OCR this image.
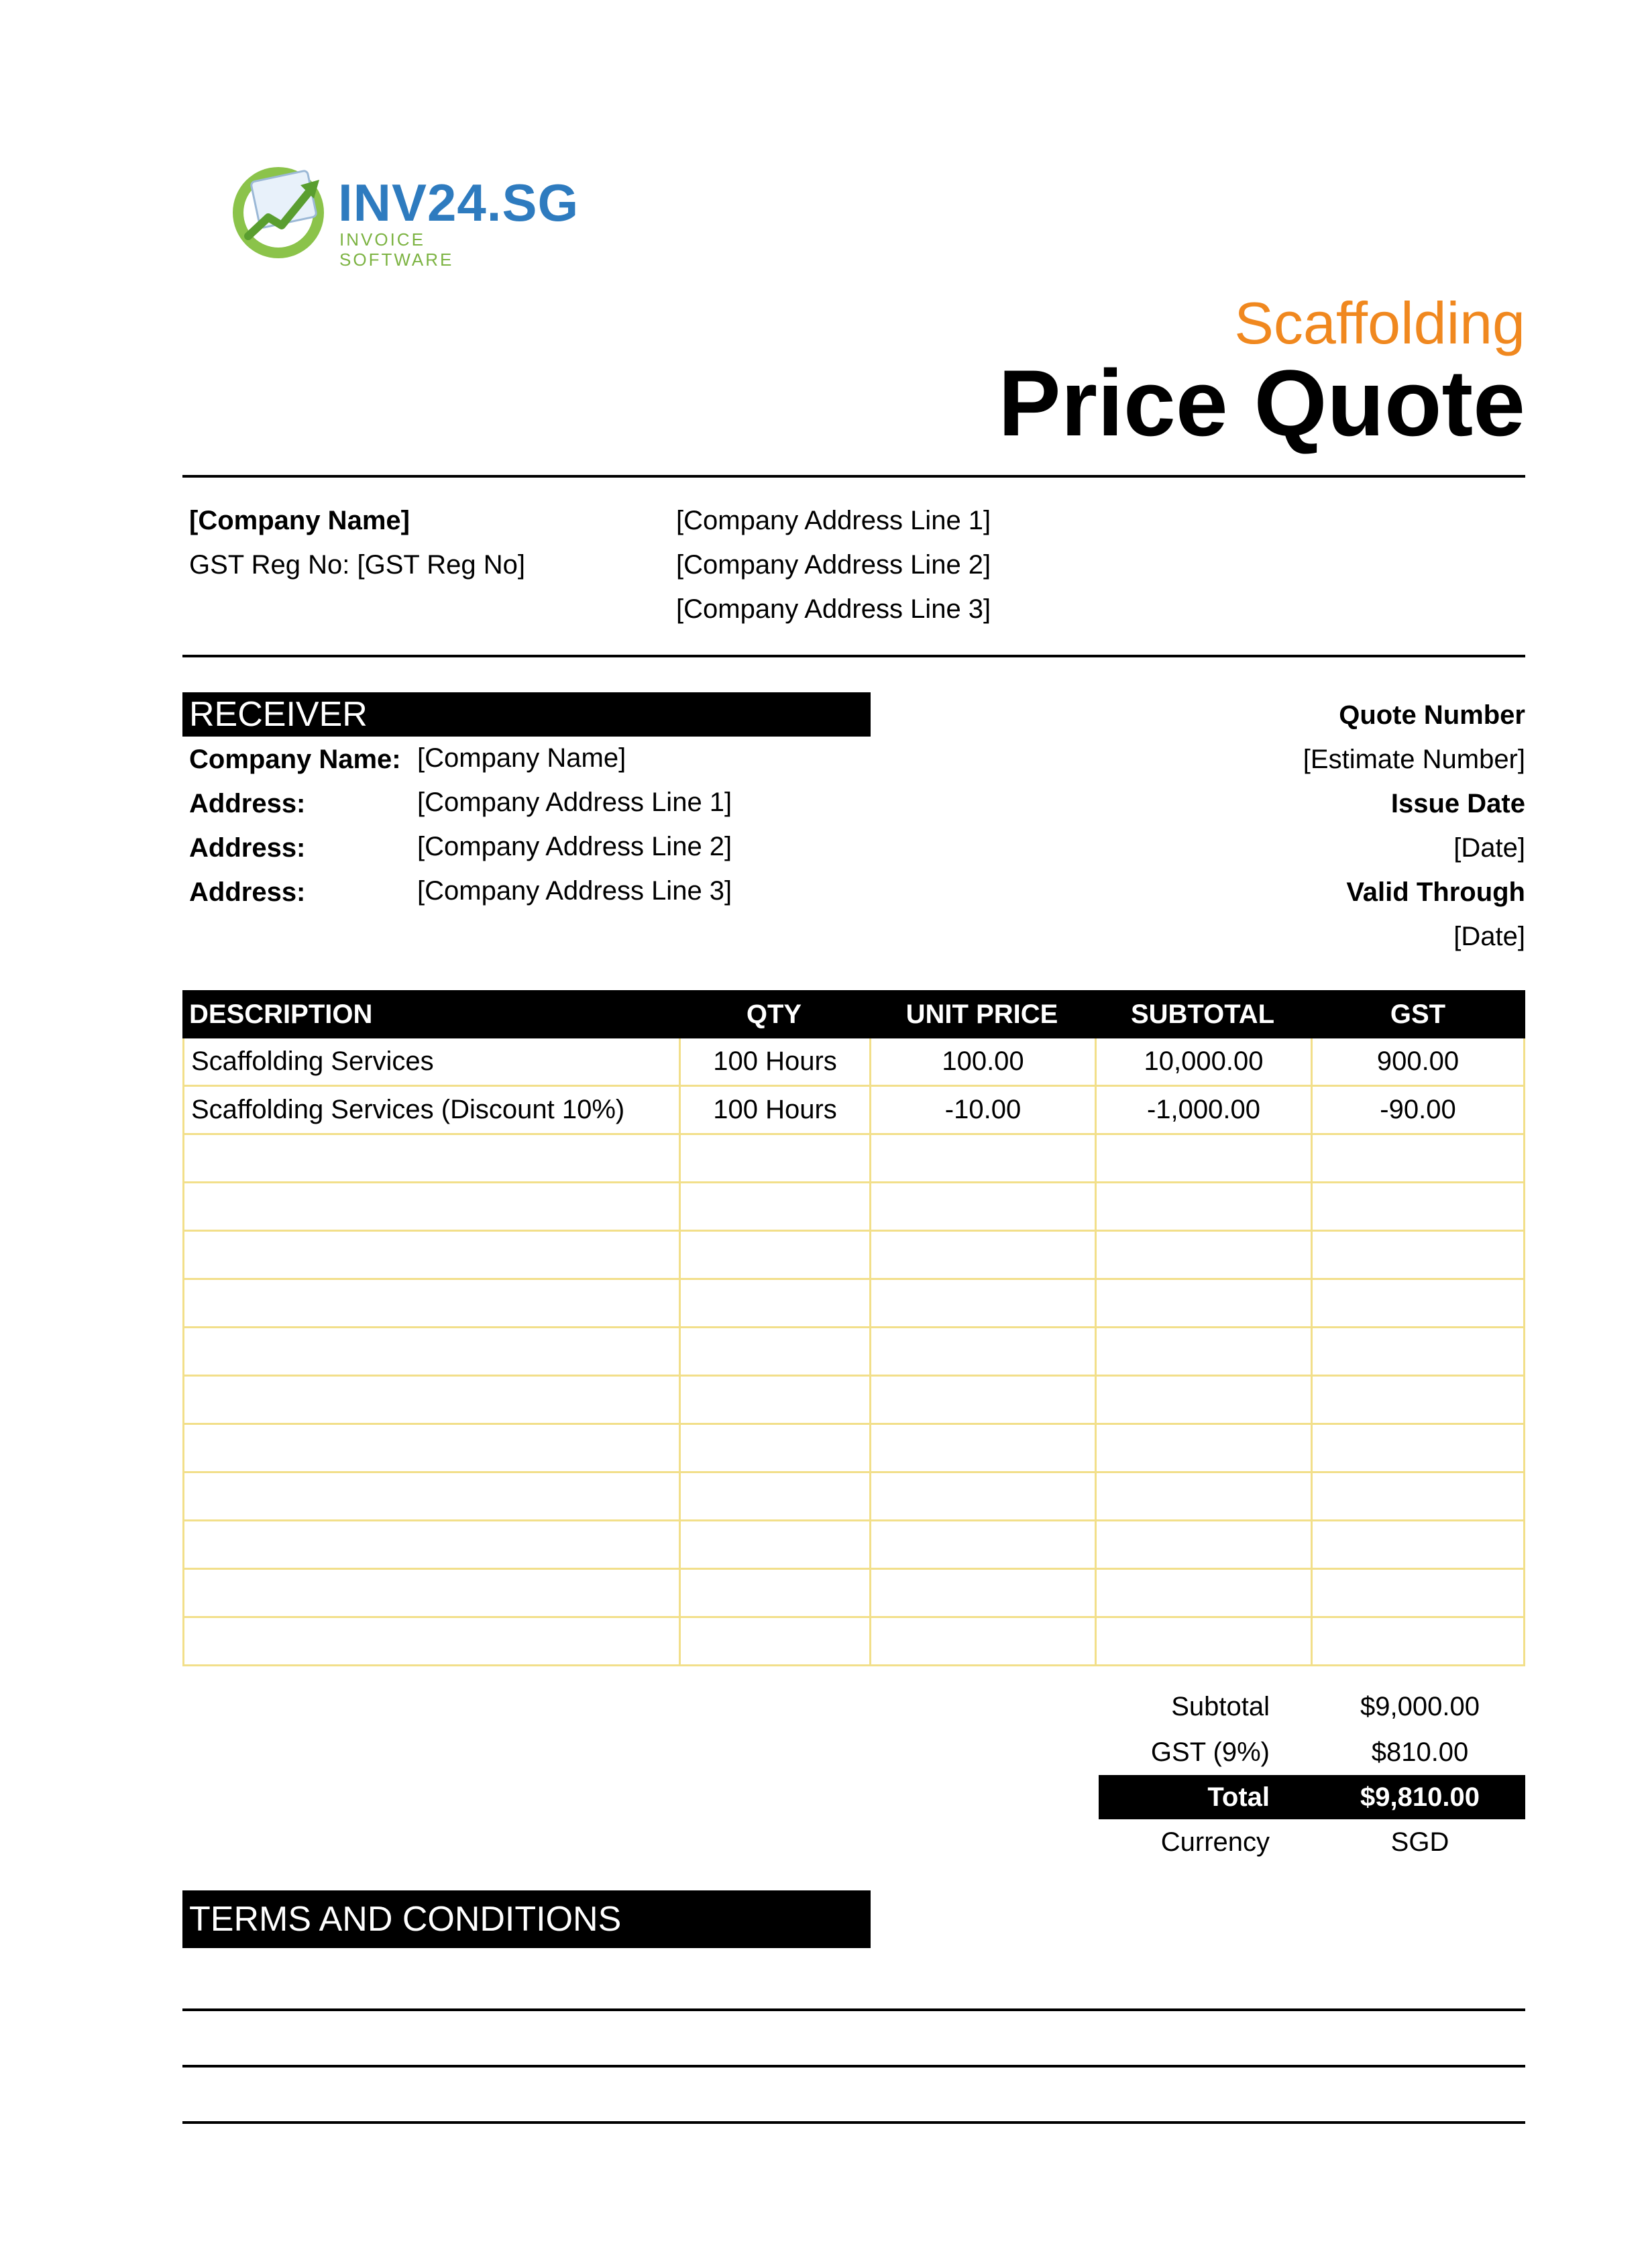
INV24.SG
INVOICE SOFTWARE
Scaffolding
Price Quote
[Company Name]
GST Reg No: [GST Reg No]
[Company Address Line 1]
[Company Address Line 2]
[Company Address Line 3]
RECEIVER
Company Name: [Company Name]
Address:	[Company Address Line 1]
Address:	[Company Address Line 2]
Address:	[Company Address Line 3]
Quote Number
[Estimate Number]
Issue Date
[Date]
Valid Through
[Date]
DESCRIPTION	QTY	UNIT PRICE	SUBTOTAL	GST
Scaffolding Services	100 Hours	100.00	10,000.00	900.00
Scaffolding Services (Discount 10%)	100 Hours	-10.00	-1,000.00	-90.00
Subtotal	$9,000.00
GST (9%)	$810.00
Total	$9,810.00
Currency	SGD
TERMS AND CONDITIONS
